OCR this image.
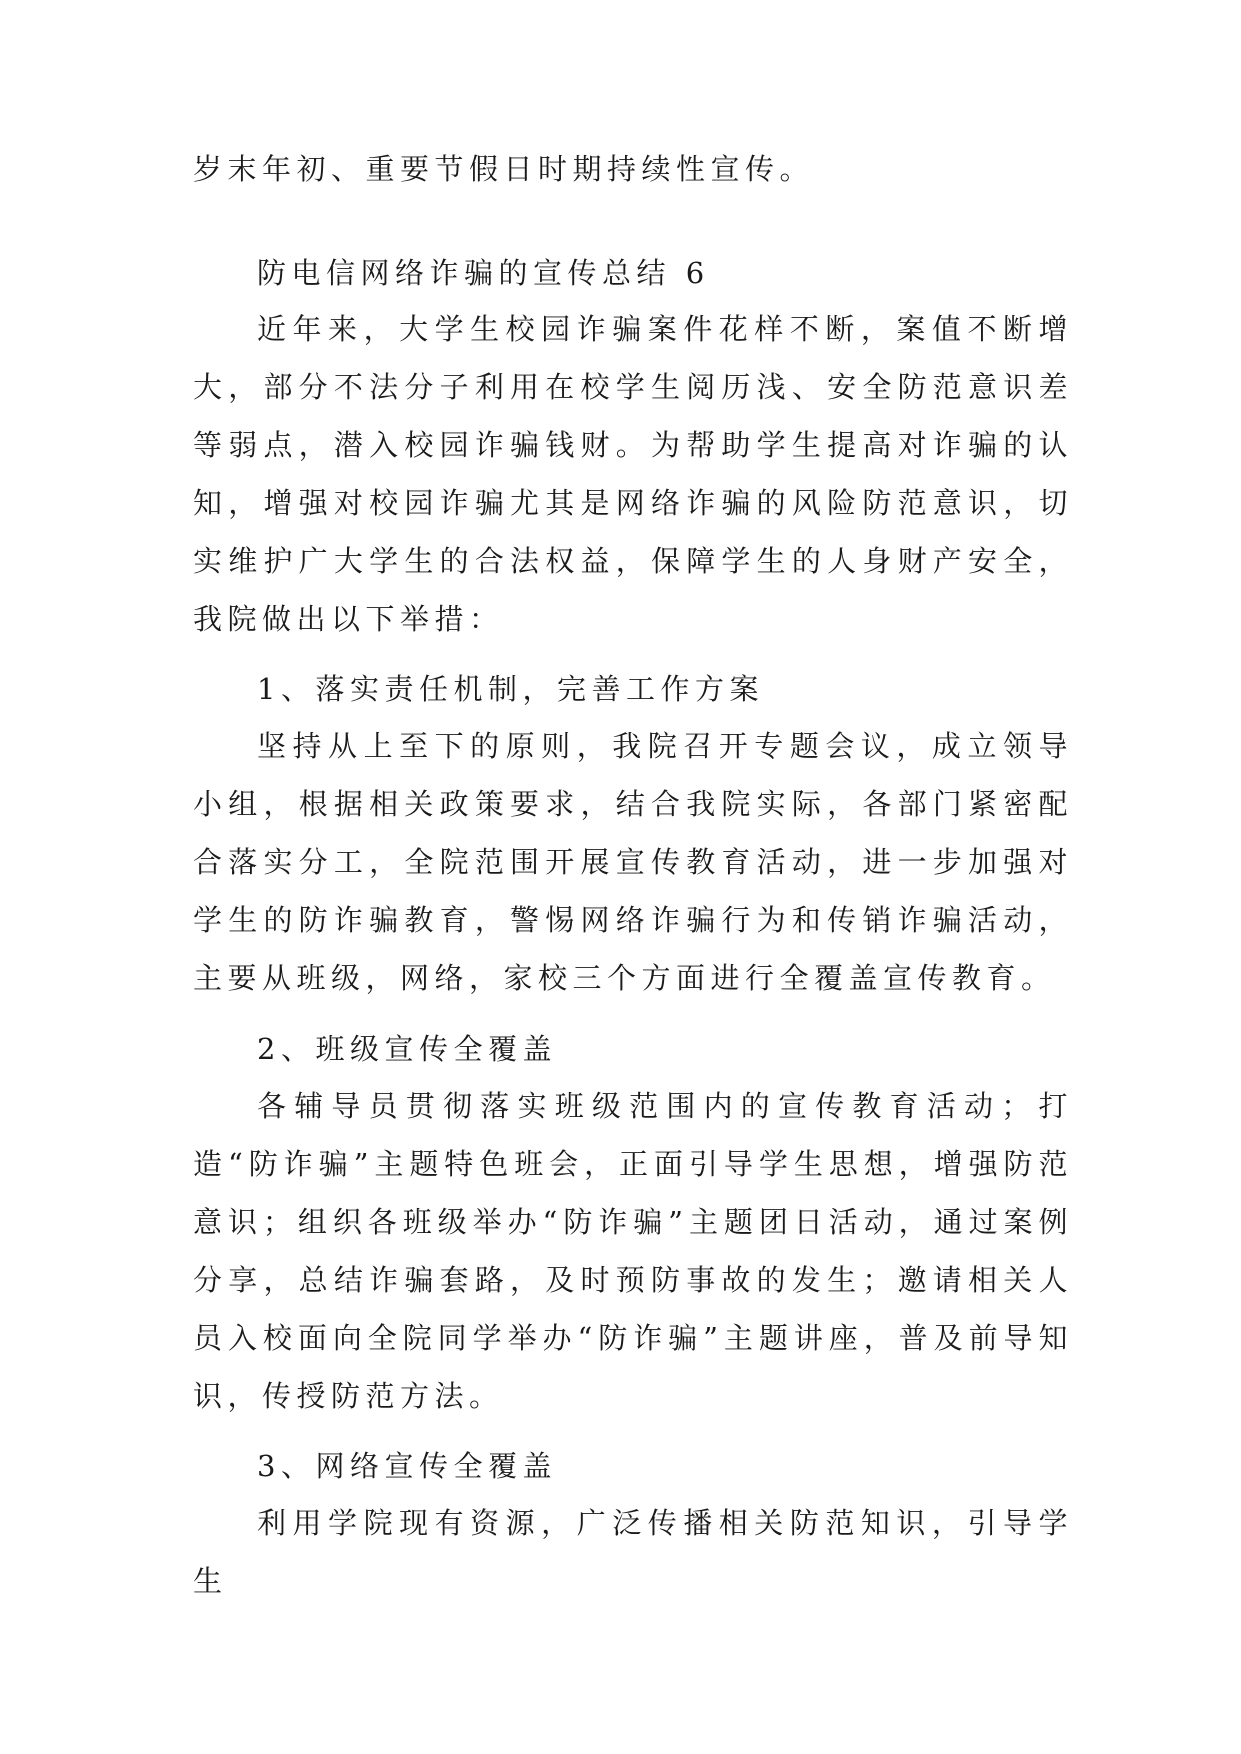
岁末年初、重要节假日时期持续性宣传。

防电信网络诈骗的宣传总结 6

近年来，大学生校园诈骗案件花样不断，案值不断增大，部分不法分子利用在校学生阅历浅、安全防范意识差等弱点，潜入校园诈骗钱财。为帮助学生提高对诈骗的认知，增强对校园诈骗尤其是网络诈骗的风险防范意识，切实维护广大学生的合法权益，保障学生的人身财产安全，我院做出以下举措：

1、落实责任机制，完善工作方案

坚持从上至下的原则，我院召开专题会议，成立领导小组，根据相关政策要求，结合我院实际，各部门紧密配合落实分工，全院范围开展宣传教育活动，进一步加强对学生的防诈骗教育，警惕网络诈骗行为和传销诈骗活动，主要从班级，网络，家校三个方面进行全覆盖宣传教育。

2、班级宣传全覆盖

各辅导员贯彻落实班级范围内的宣传教育活动；打造“防诈骗”主题特色班会，正面引导学生思想，增强防范意识；组织各班级举办“防诈骗”主题团日活动，通过案例分享，总结诈骗套路，及时预防事故的发生；邀请相关人员入校面向全院同学举办“防诈骗”主题讲座，普及前导知识，传授防范方法。

3、网络宣传全覆盖

利用学院现有资源，广泛传播相关防范知识，引导学生
